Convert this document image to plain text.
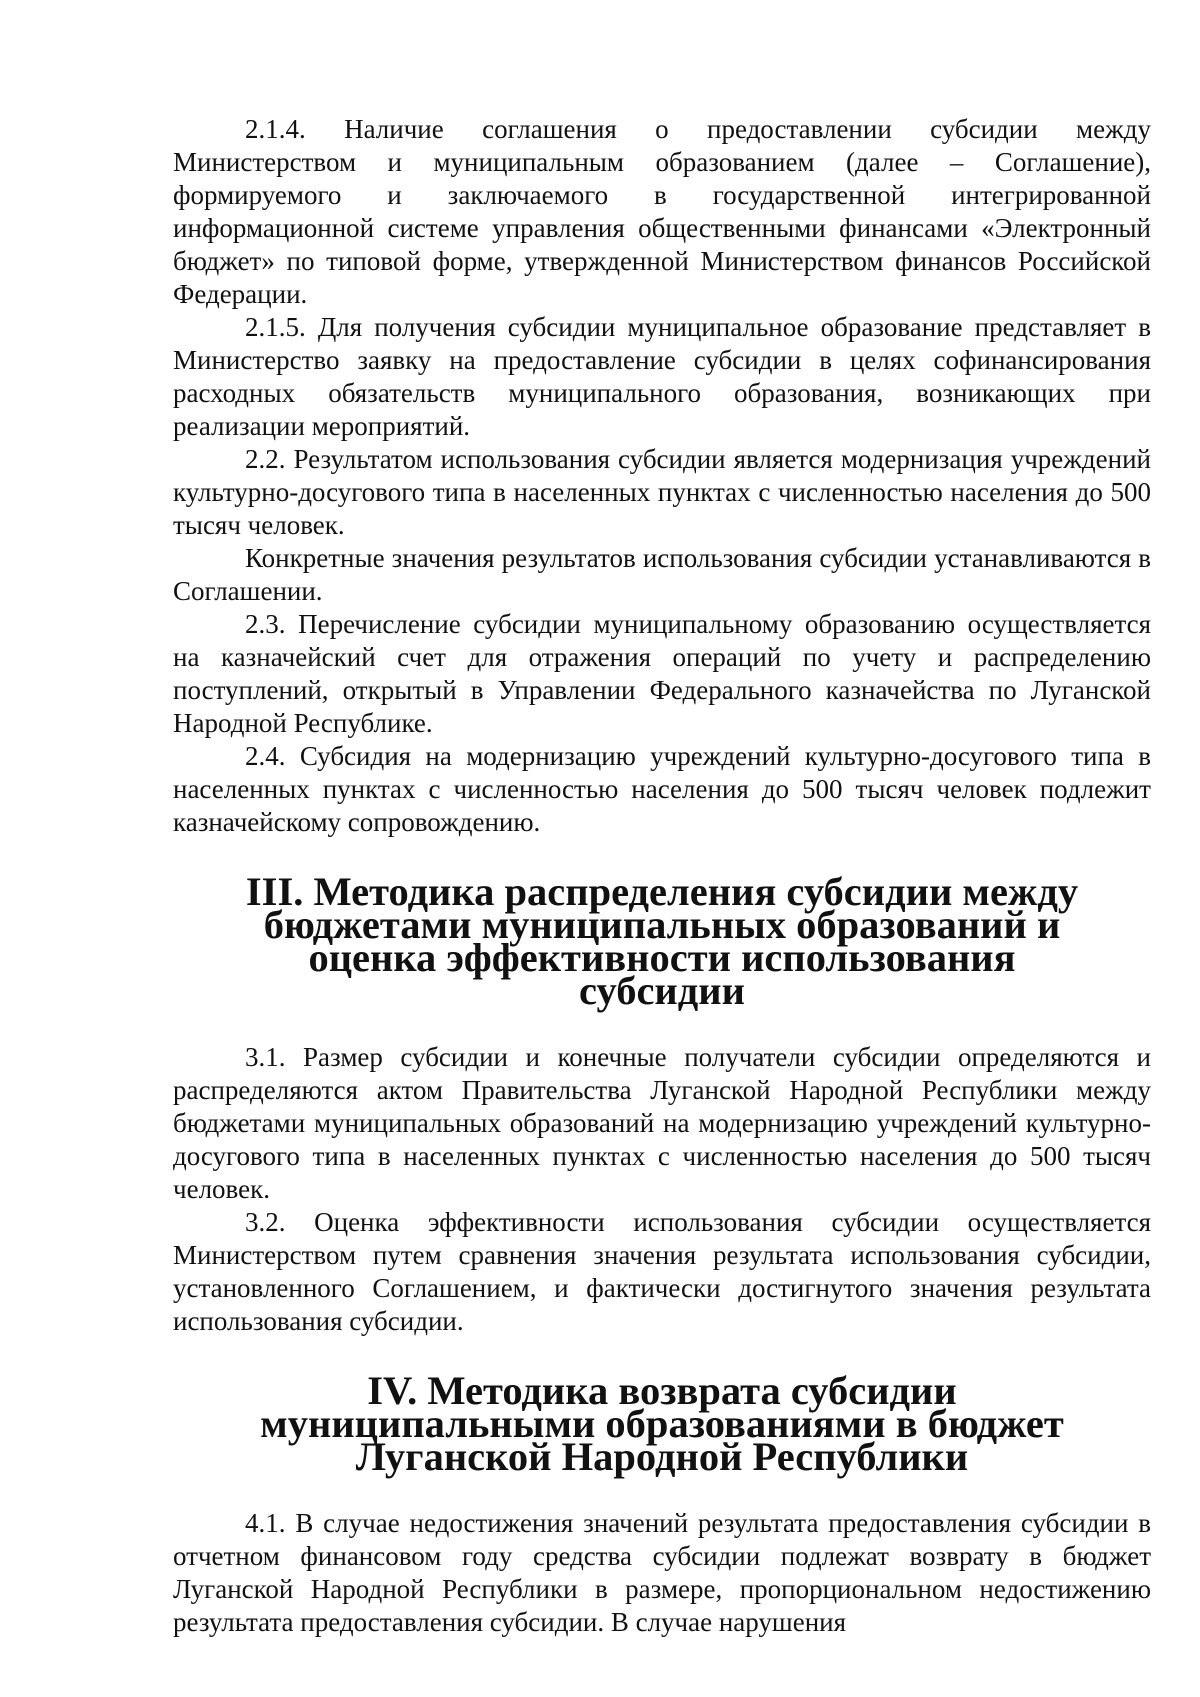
2.1.4. Наличие соглашения о предоставлении субсидии между Министерством и муниципальным образованием (далее – Соглашение), формируемого и заключаемого в государственной интегрированной информационной системе управления общественными финансами «Электронный бюджет» по типовой форме, утвержденной Министерством финансов Российской Федерации.

2.1.5. Для получения субсидии муниципальное образование представляет в Министерство заявку на предоставление субсидии в целях софинансирования расходных обязательств муниципального образования, возникающих при реализации мероприятий.

2.2. Результатом использования субсидии является модернизация учреждений культурно-досугового типа в населенных пунктах с численностью населения до 500 тысяч человек.

Конкретные значения результатов использования субсидии устанавливаются в Соглашении.

2.3. Перечисление субсидии муниципальному образованию осуществляется на казначейский счет для отражения операций по учету и распределению поступлений, открытый в Управлении Федерального казначейства по Луганской Народной Республике.

2.4. Субсидия на модернизацию учреждений культурно-досугового типа в населенных пунктах с численностью населения до 500 тысяч человек подлежит казначейскому сопровождению.

III. Методика распределения субсидии между бюджетами муниципальных образований и оценка эффективности использования субсидии

3.1. Размер субсидии и конечные получатели субсидии определяются и распределяются актом Правительства Луганской Народной Республики между бюджетами муниципальных образований на модернизацию учреждений культурно-досугового типа в населенных пунктах с численностью населения до 500 тысяч человек.

3.2. Оценка эффективности использования субсидии осуществляется Министерством путем сравнения значения результата использования субсидии, установленного Соглашением, и фактически достигнутого значения результата использования субсидии.

IV. Методика возврата субсидии муниципальными образованиями в бюджет Луганской Народной Республики

4.1. В случае недостижения значений результата предоставления субсидии в отчетном финансовом году средства субсидии подлежат возврату в бюджет Луганской Народной Республики в размере, пропорциональном недостижению результата предоставления субсидии. В случае нарушения
